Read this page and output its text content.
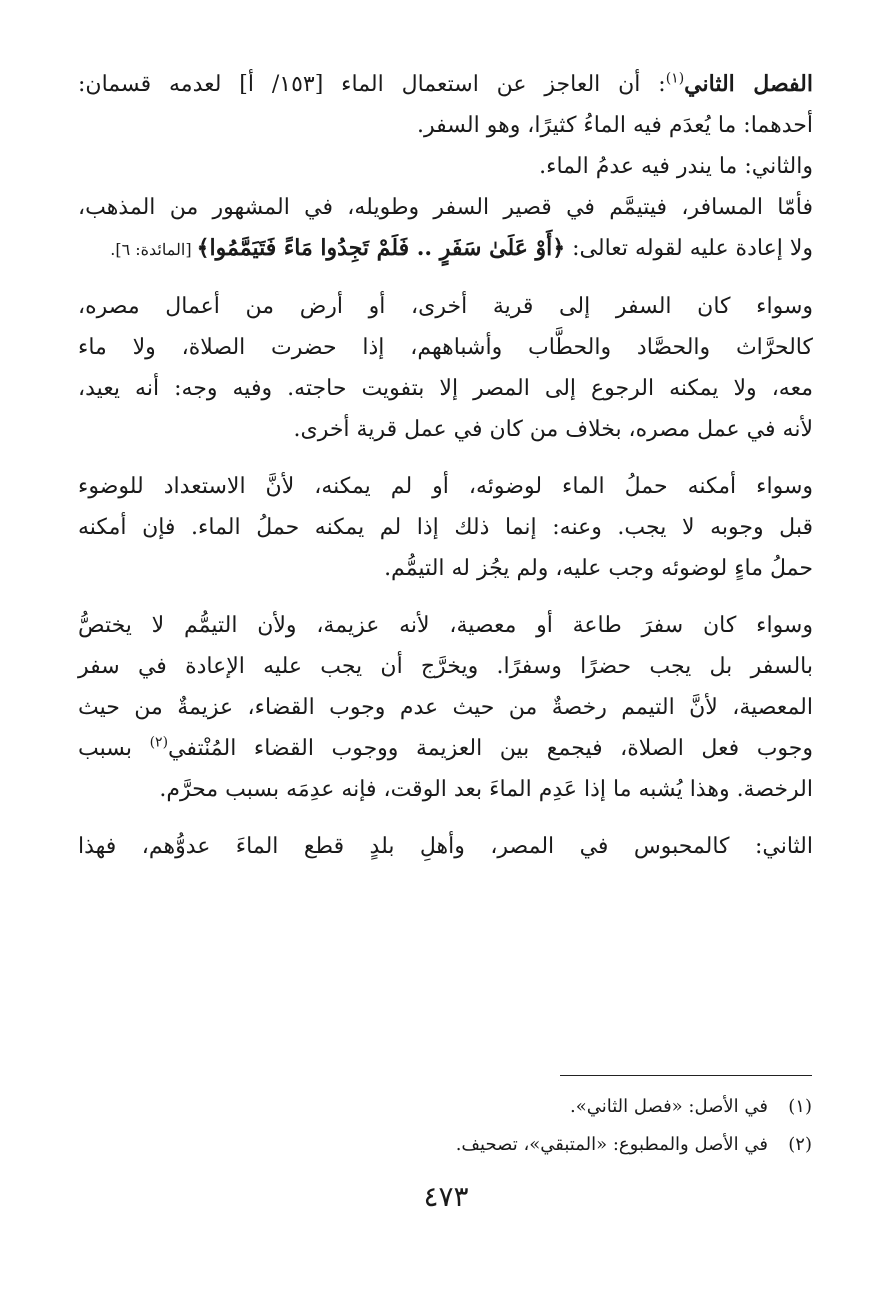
الفصل الثاني$^{(١)}$: أن العاجز عن استعمال الماء [١٥٣/ أ] لعدمه قسمان:
أحدهما: ما يُعدَم فيه الماءُ كثيرًا، وهو السفر.
والثاني: ما يندر فيه عدمُ الماء.
فأمّا المسافر، فيتيمَّم في قصير السفر وطويله، في المشهور من المذهب،
ولا إعادة عليه لقوله تعالى: ﴿أَوْ عَلَىٰ سَفَرٍ .. فَلَمْ تَجِدُوا مَاءً فَتَيَمَّمُوا﴾ [المائدة: ٦].
وسواء كان السفر إلى قرية أخرى، أو أرض من أعمال مصره،
كالحرَّاث والحصَّاد والحطَّاب وأشباههم، إذا حضرت الصلاة، ولا ماء
معه، ولا يمكنه الرجوع إلى المصر إلا بتفويت حاجته. وفيه وجه: أنه يعيد،
لأنه في عمل مصره، بخلاف من كان في عمل قرية أخرى.
وسواء أمكنه حملُ الماء لوضوئه، أو لم يمكنه، لأنَّ الاستعداد للوضوء
قبل وجوبه لا يجب. وعنه: إنما ذلك إذا لم يمكنه حملُ الماء. فإن أمكنه
حملُ ماءٍ لوضوئه وجب عليه، ولم يجُز له التيمُّم.
وسواء كان سفرَ طاعة أو معصية، لأنه عزيمة، ولأن التيمُّم لا يختصُّ
بالسفر بل يجب حضرًا وسفرًا. ويخرَّج أن يجب عليه الإعادة في سفر
المعصية، لأنَّ التيمم رخصةٌ من حيث عدم وجوب القضاء، عزيمةٌ من حيث
وجوب فعل الصلاة، فيجمع بين العزيمة ووجوب القضاء المُنْتفي$^{(٢)}$ بسبب
الرخصة. وهذا يُشبه ما إذا عَدِم الماءَ بعد الوقت، فإنه عدِمَه بسبب محرَّم.
الثاني: كالمحبوس في المصر، وأهلِ بلدٍ قطع الماءَ عدوُّهم، فهذا
(١)في الأصل: «فصل الثاني».
(٢)في الأصل والمطبوع: «المتبقي»، تصحيف.
٤٧٣
